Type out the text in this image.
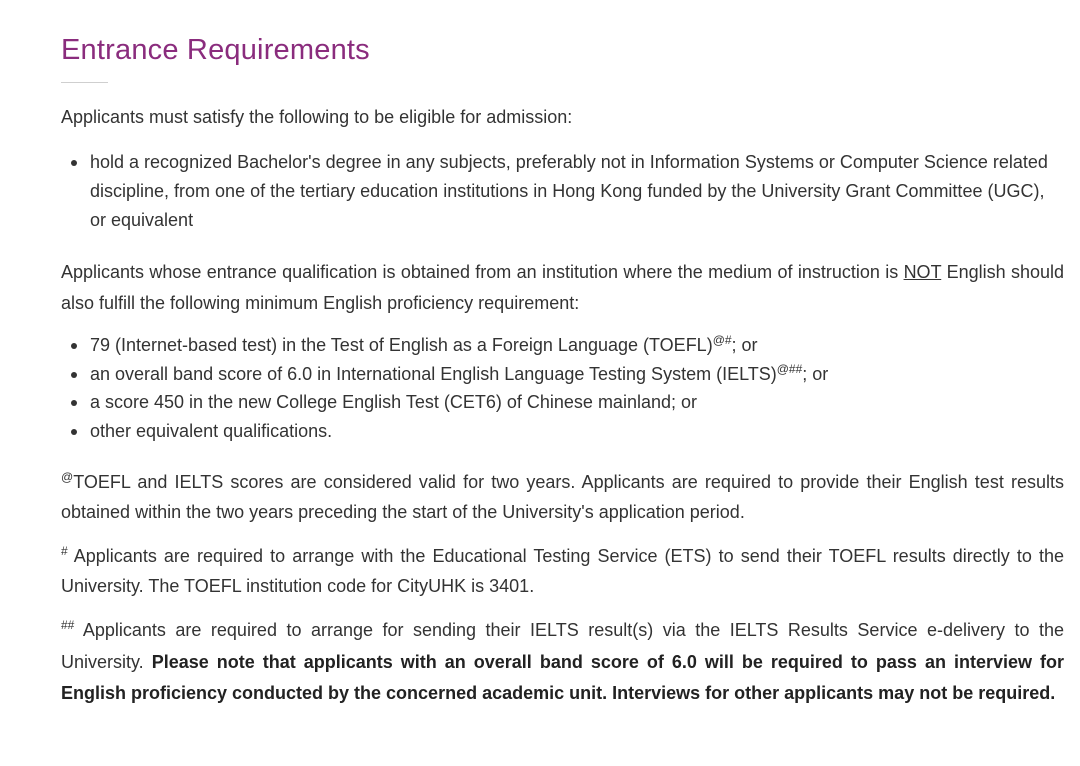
Entrance Requirements

Applicants must satisfy the following to be eligible for admission:

hold a recognized Bachelor's degree in any subjects, preferably not in Information Systems or Computer Science related discipline, from one of the tertiary education institutions in Hong Kong funded by the University Grant Committee (UGC), or equivalent

Applicants whose entrance qualification is obtained from an institution where the medium of instruction is NOT English should also fulfill the following minimum English proficiency requirement:

79 (Internet-based test) in the Test of English as a Foreign Language (TOEFL)@#; or
an overall band score of 6.0 in International English Language Testing System (IELTS)@##; or
a score 450 in the new College English Test (CET6) of Chinese mainland; or
other equivalent qualifications.

@TOEFL and IELTS scores are considered valid for two years. Applicants are required to provide their English test results obtained within the two years preceding the start of the University's application period.

# Applicants are required to arrange with the Educational Testing Service (ETS) to send their TOEFL results directly to the University. The TOEFL institution code for CityUHK is 3401.

## Applicants are required to arrange for sending their IELTS result(s) via the IELTS Results Service e-delivery to the University. Please note that applicants with an overall band score of 6.0 will be required to pass an interview for English proficiency conducted by the concerned academic unit. Interviews for other applicants may not be required.
